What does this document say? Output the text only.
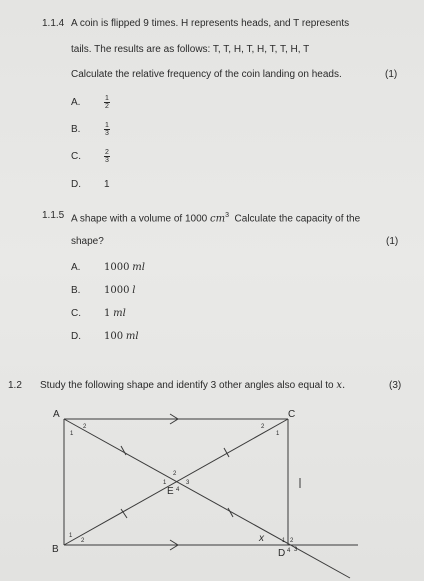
1.1.4 A coin is flipped 9 times. H represents heads, and T represents
tails. The results are as follows: T, T, H, T, H, T, T, H, T
Calculate the relative frequency of the coin landing on heads.	(1)
A.	1
2
B.	1
3
C.	2
3
D. 1
1.1.5 A shape with a volume of 1000 $cm^3$ Calculate the capacity of the
shape?	(1)
A. 1000 ml
B. 1000 l
C. 1 ml
D. 100 ml
1.2 Study the following shape and identify 3 other angles also equal to x.	(3)
A	C
B	D
E
2
1
2
1
1
2
2
1	3
4
x	1 2
3
4
